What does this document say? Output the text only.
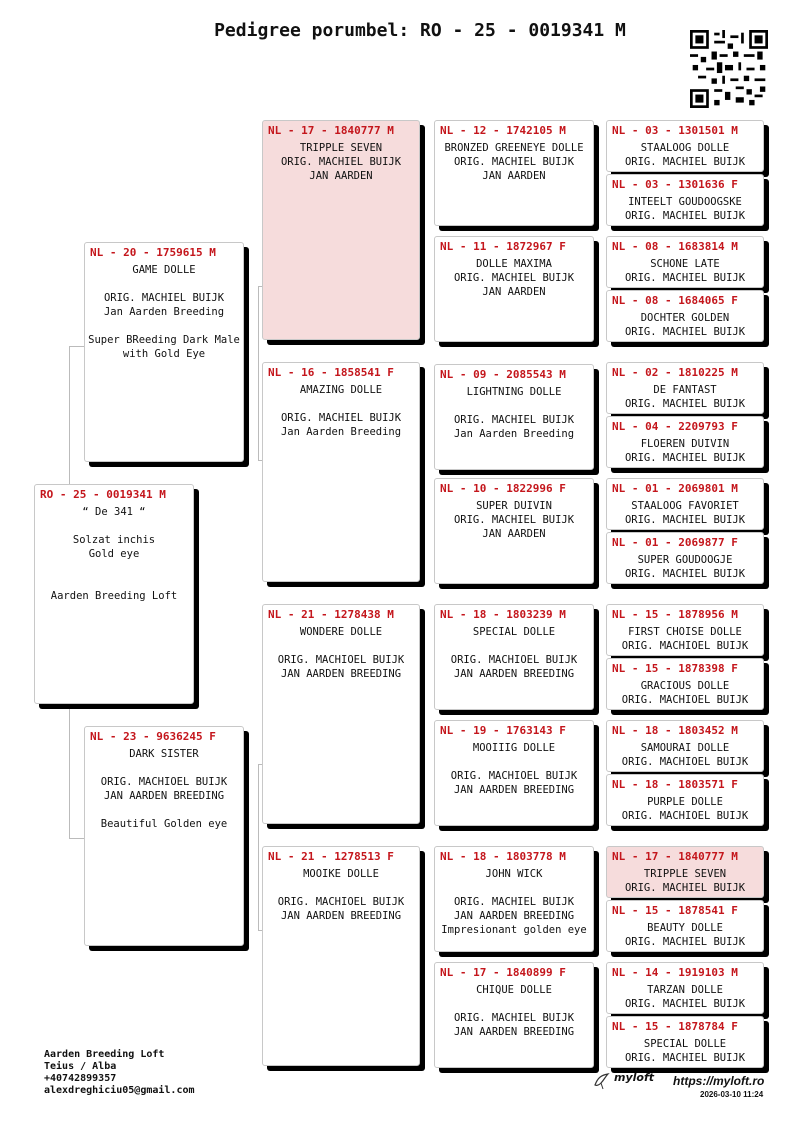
Pedigree porumbel: RO - 25 - 0019341 M
RO - 25 - 0019341 M
“ De 341 “
Solzat inchis
Gold eye
Aarden Breeding Loft
NL - 20 - 1759615 M
GAME DOLLE
ORIG. MACHIEL BUIJK
Jan Aarden Breeding
Super BReeding Dark Male
with Gold Eye
NL - 23 - 9636245 F
DARK SISTER
ORIG. MACHIOEL BUIJK
JAN AARDEN BREEDING
Beautiful Golden eye
NL - 17 - 1840777 M
TRIPPLE SEVEN
ORIG. MACHIEL BUIJK
JAN AARDEN
NL - 16 - 1858541 F
AMAZING DOLLE
ORIG. MACHIEL BUIJK
Jan Aarden Breeding
NL - 21 - 1278438 M
WONDERE DOLLE
ORIG. MACHIOEL BUIJK
JAN AARDEN BREEDING
NL - 21 - 1278513 F
MOOIKE DOLLE
ORIG. MACHIOEL BUIJK
JAN AARDEN BREEDING
NL - 12 - 1742105 M
BRONZED GREENEYE DOLLE
ORIG. MACHIEL BUIJK
JAN AARDEN
NL - 11 - 1872967 F
DOLLE MAXIMA
ORIG. MACHIEL BUIJK
JAN AARDEN
NL - 09 - 2085543 M
LIGHTNING DOLLE
ORIG. MACHIEL BUIJK
Jan Aarden Breeding
NL - 10 - 1822996 F
SUPER DUIVIN
ORIG. MACHIEL BUIJK
JAN AARDEN
NL - 18 - 1803239 M
SPECIAL DOLLE
ORIG. MACHIOEL BUIJK
JAN AARDEN BREEDING
NL - 19 - 1763143 F
MOOIIIG DOLLE
ORIG. MACHIOEL BUIJK
JAN AARDEN BREEDING
NL - 18 - 1803778 M
JOHN WICK
ORIG. MACHIEL BUIJK
JAN AARDEN BREEDING
Impresionant golden eye
NL - 17 - 1840899 F
CHIQUE DOLLE
ORIG. MACHIEL BUIJK
JAN AARDEN BREEDING
NL - 03 - 1301501 M
STAALOOG DOLLE
ORIG. MACHIEL BUIJK
NL - 03 - 1301636 F
INTEELT GOUDOOGSKE
ORIG. MACHIEL BUIJK
NL - 08 - 1683814 M
SCHONE LATE
ORIG. MACHIEL BUIJK
NL - 08 - 1684065 F
DOCHTER GOLDEN
ORIG. MACHIEL BUIJK
NL - 02 - 1810225 M
DE FANTAST
ORIG. MACHIEL BUIJK
NL - 04 - 2209793 F
FLOEREN DUIVIN
ORIG. MACHIEL BUIJK
NL - 01 - 2069801 M
STAALOOG FAVORIET
ORIG. MACHIEL BUIJK
NL - 01 - 2069877 F
SUPER GOUDOOGJE
ORIG. MACHIEL BUIJK
NL - 15 - 1878956 M
FIRST CHOISE DOLLE
ORIG. MACHIOEL BUIJK
NL - 15 - 1878398 F
GRACIOUS DOLLE
ORIG. MACHIOEL BUIJK
NL - 18 - 1803452 M
SAMOURAI DOLLE
ORIG. MACHIOEL BUIJK
NL - 18 - 1803571 F
PURPLE DOLLE
ORIG. MACHIOEL BUIJK
NL - 17 - 1840777 M
TRIPPLE SEVEN
ORIG. MACHIEL BUIJK
NL - 15 - 1878541 F
BEAUTY DOLLE
ORIG. MACHIEL BUIJK
NL - 14 - 1919103 M
TARZAN DOLLE
ORIG. MACHIEL BUIJK
NL - 15 - 1878784 F
SPECIAL DOLLE
ORIG. MACHIEL BUIJK
Aarden Breeding Loft
Teius / Alba
+40742899357
alexdreghiciu05@gmail.com
myloft https://myloft.ro
2026-03-10 11:24
